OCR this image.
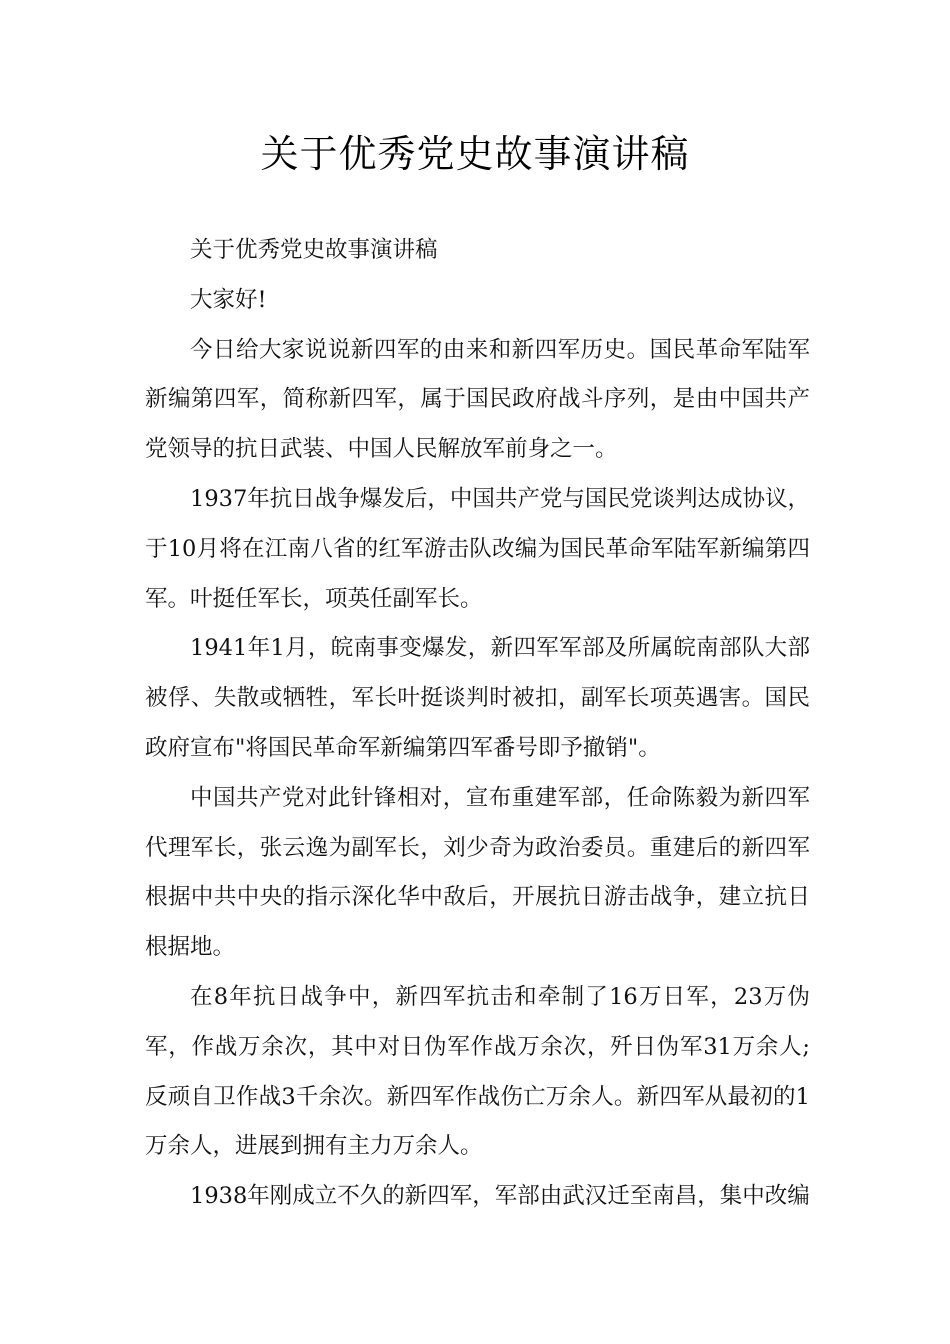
关于优秀党史故事演讲稿

关于优秀党史故事演讲稿

大家好!

今日给大家说说新四军的由来和新四军历史。国民革命军陆军新编第四军，简称新四军，属于国民政府战斗序列，是由中国共产党领导的抗日武装、中国人民解放军前身之一。

1937年抗日战争爆发后，中国共产党与国民党谈判达成协议，于10月将在江南八省的红军游击队改编为国民革命军陆军新编第四军。叶挺任军长，项英任副军长。

1941年1月，皖南事变爆发，新四军军部及所属皖南部队大部被俘、失散或牺牲，军长叶挺谈判时被扣，副军长项英遇害。国民政府宣布"将国民革命军新编第四军番号即予撤销"。

中国共产党对此针锋相对，宣布重建军部，任命陈毅为新四军代理军长，张云逸为副军长，刘少奇为政治委员。重建后的新四军根据中共中央的指示深化华中敌后，开展抗日游击战争，建立抗日根据地。

在8年抗日战争中，新四军抗击和牵制了16万日军，23万伪军，作战万余次，其中对日伪军作战万余次，歼日伪军31万余人;反顽自卫作战3千余次。新四军作战伤亡万余人。新四军从最初的1万余人，进展到拥有主力万余人。

1938年刚成立不久的新四军，军部由武汉迁至南昌，集中改编
